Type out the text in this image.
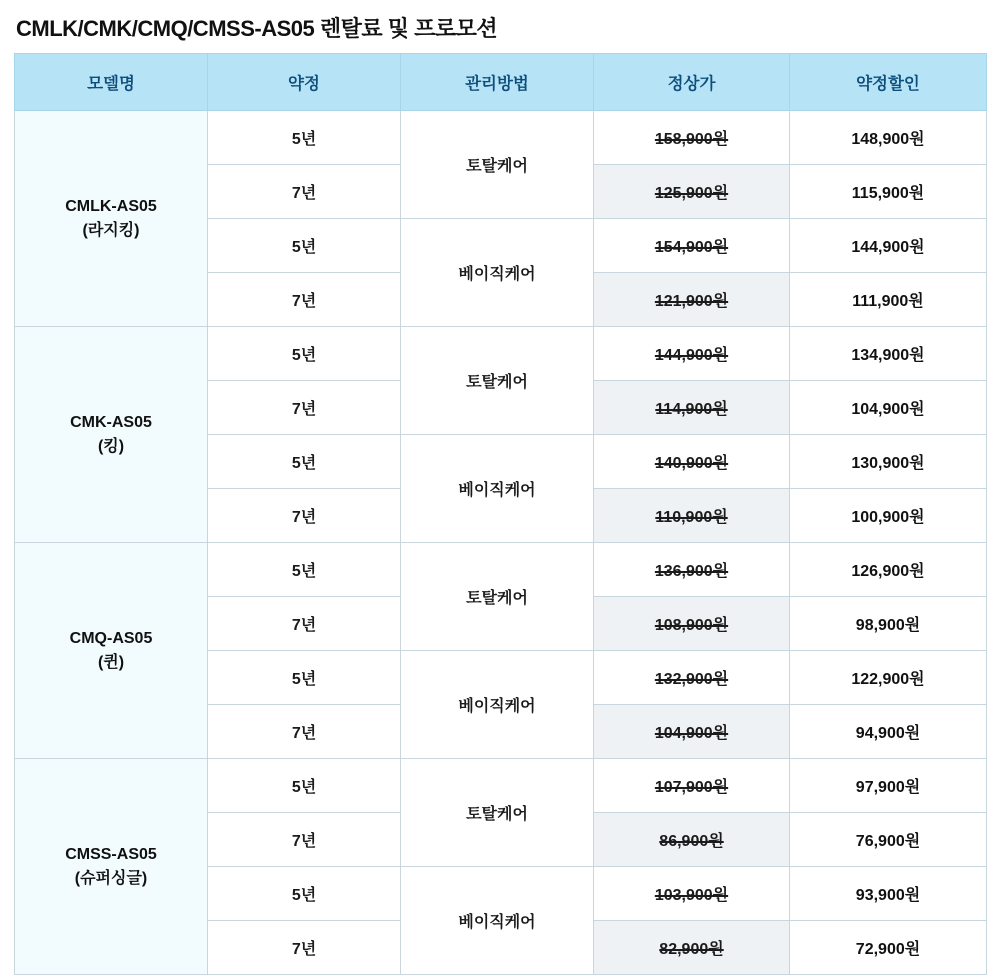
CMLK/CMK/CMQ/CMSS-AS05 렌탈료 및 프로모션
모델명	약정	관리방법	정상가	약정할인

CMLK-AS05
(라지킹)	5년	토탈케어	158,900원	148,900원
	7년		125,900원	115,900원
	5년	베이직케어	154,900원	144,900원
	7년		121,900원	111,900원

CMK-AS05
(킹)	5년	토탈케어	144,900원	134,900원
	7년		114,900원	104,900원
	5년	베이직케어	140,900원	130,900원
	7년		110,900원	100,900원

CMQ-AS05
(퀸)	5년	토탈케어	136,900원	126,900원
	7년		108,900원	98,900원
	5년	베이직케어	132,900원	122,900원
	7년		104,900원	94,900원

CMSS-AS05
(슈퍼싱글)	5년	토탈케어	107,900원	97,900원
	7년		86,900원	76,900원
	5년	베이직케어	103,900원	93,900원
	7년		82,900원	72,900원
